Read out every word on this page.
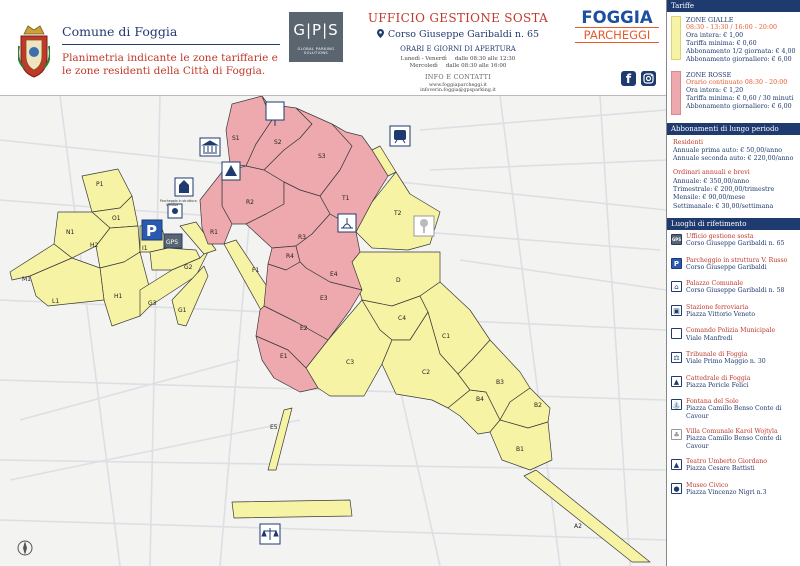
Comune di Foggia
Planimetria indicante le zone tariffarie e le zone residenti della Città di Foggia.
G|P|S
GLOBAL PARKING SOLUTIONS
UFFICIO GESTIONE SOSTA
Corso Giuseppe Garibaldi n. 65
ORARI E GIORNI DI APERTURA
Lunedì - Venerdì dalle 08:30 alle 12:30
Mercoledì dalle 08:30 alle 16:00
INFO E CONTATTI
www.foggiaparcheggi.it
infoverin.foggia@gpsparking.it
FOGGIA
PARCHEGGI
f
P1
O1
N1
H2
H1
M1
L1
I1
G2
G3
G1
F1
T2
D
C4
C1
C3
C2
B4
B3
B2
B1
E5
A2
S1
S2
S3
T1
R2
R1
R3
R4
E4
E3
E2
E1
P
GPS
Parcheggio in struttura V.Russo
Tariffe
ZONE GIALLE
08:30 - 13:30 / 16:00 - 20:00
Ora intera: € 1,00
Tariffa minima: € 0,60
Abbonamento 1/2 giornata: € 4,00
Abbonamento giornaliero: € 6,00
ZONE ROSSE
Orario continuato 08:30 - 20:00
Ora intera: € 1,20
Tariffa minima: € 0,60 / 30 minuti
Abbonamento giornaliero: € 6,00
Abbonamenti di lungo periodo
Residenti
Annuale prima auto: € 50,00/anno
Annuale seconda auto: € 220,00/anno
Ordinari annuali e brevi
Annuale: € 350,00/anno
Trimestrale: € 200,00/trimestre
Mensile: € 90,00/mese
Settimanale: € 30,00/settimana
Luoghi di rifetimento
GPS Ufficio gestione sosta
Corso Giuseppe Garibaldi n. 65
P	Parcheggio in struttura V. Russo
Corso Giuseppe Garibaldi
⌂	Palazzo Comunale
Corso Giuseppe Garibaldi n. 58
▣ Stazione ferroviaria
Piazza Vittorio Veneto
Comando Polizia Municipale
Viale Manfredi
⚖ Tribunale di Foggia
Viale Primo Maggio n. 30
▲ Cattedrale di Foggia
Piazza Pericle Felici
⛲ Fontana del Sole
Piazza Camillo Benso Conte di Cavour
♣ Villa Comunale Karol Wojtyla
Piazza Camillo Benso Conte di Cavour
▲ Teatro Umberto Giordano
Piazza Cesare Battisti
● Museo Civico
Piazza Vincenzo Nigri n.3
